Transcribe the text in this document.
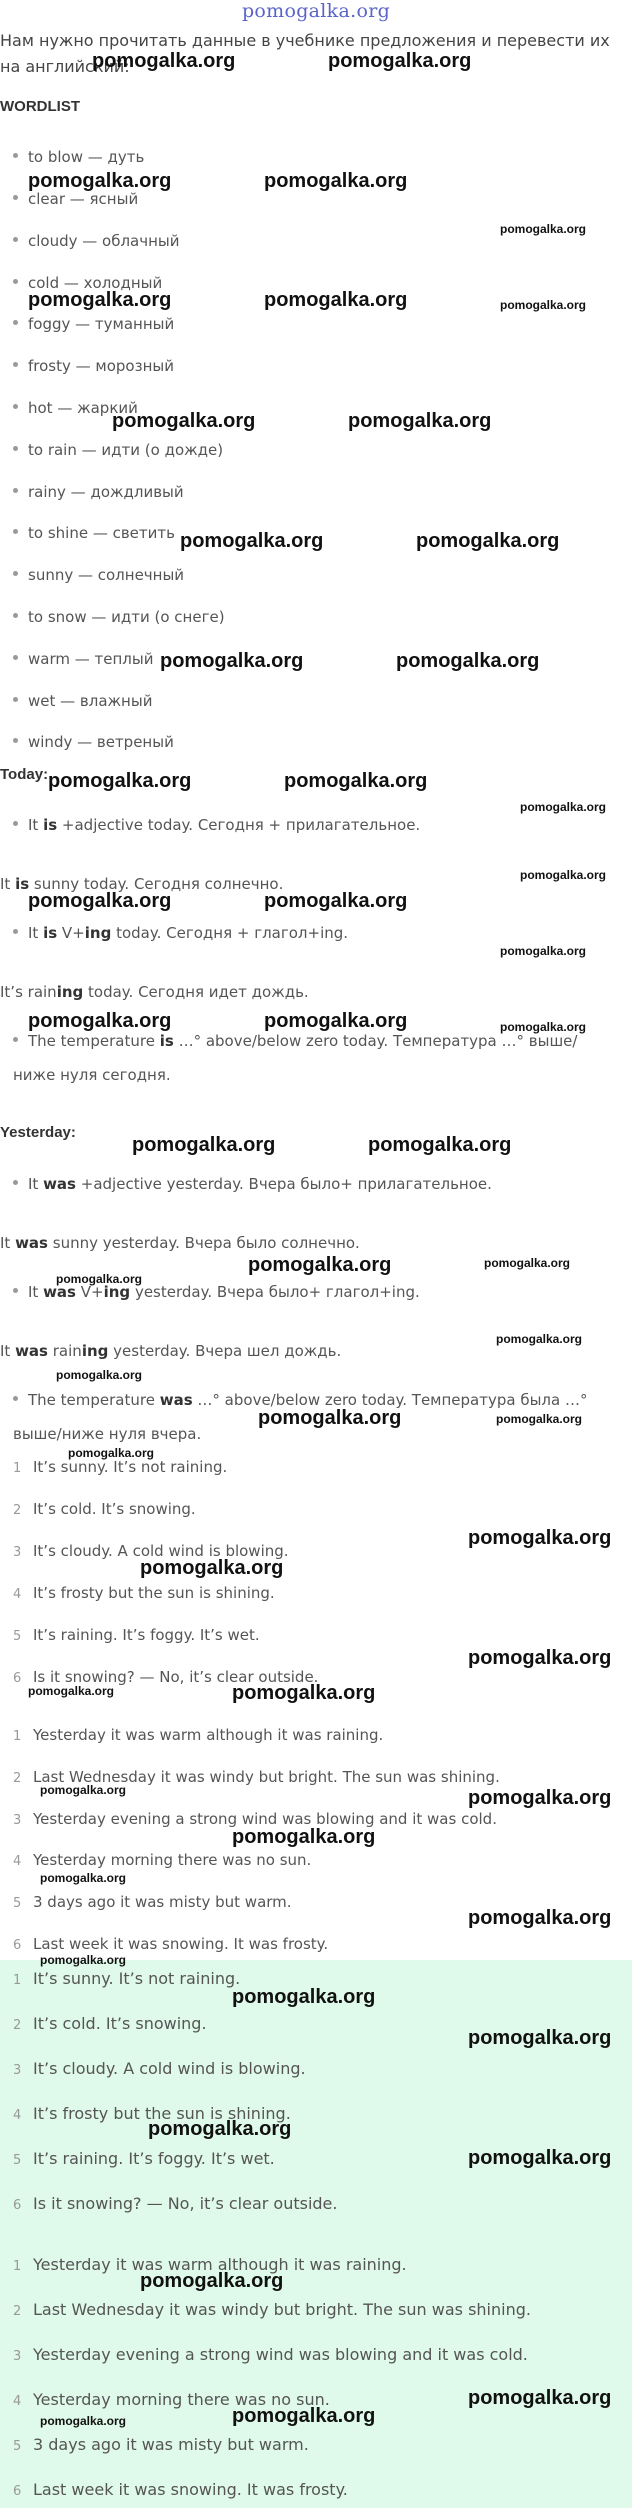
pomogalka.org
Нам нужно прочитать данные в учебнике предложения и перевести их на английский:
WORDLIST
to blow — дуть
clear — ясный
cloudy — облачный
cold — холодный
foggy — туманный
frosty — морозный
hot — жаркий
to rain — идти (о дожде)
rainy — дождливый
to shine — светить
sunny — солнечный
to snow — идти (о снеге)
warm — теплый
wet — влажный
windy — ветреный
Today:
It is +adjective today. Сегодня + прилагательное.
It is sunny today. Сегодня солнечно.
It is V+ing today. Сегодня + глагол+ing.
It’s raining today. Сегодня идет дождь.
The temperature is …° above/below zero today. Температура …° выше/ниже нуля сегодня.
Yesterday:
It was +adjective yesterday. Вчера было+ прилагательное.
It was sunny yesterday. Вчера было солнечно.
It was V+ing yesterday. Вчера было+ глагол+ing.
It was raining yesterday. Вчера шел дождь.
The temperature was …° above/below zero today. Температура была …° выше/ниже нуля вчера.
1 It’s sunny. It’s not raining.
2 It’s cold. It’s snowing.
3 It’s cloudy. A cold wind is blowing.
4 It’s frosty but the sun is shining.
5 It’s raining. It’s foggy. It’s wet.
6 Is it snowing? — No, it’s clear outside.
1 Yesterday it was warm although it was raining.
2 Last Wednesday it was windy but bright. The sun was shining.
3 Yesterday evening a strong wind was blowing and it was cold.
4 Yesterday morning there was no sun.
5 3 days ago it was misty but warm.
6 Last week it was snowing. It was frosty.
1 It’s sunny. It’s not raining.
2 It’s cold. It’s snowing.
3 It’s cloudy. A cold wind is blowing.
4 It’s frosty but the sun is shining.
5 It’s raining. It’s foggy. It’s wet.
6 Is it snowing? — No, it’s clear outside.
1 Yesterday it was warm although it was raining.
2 Last Wednesday it was windy but bright. The sun was shining.
3 Yesterday evening a strong wind was blowing and it was cold.
4 Yesterday morning there was no sun.
5 3 days ago it was misty but warm.
6 Last week it was snowing. It was frosty.
pomogalka.org	pomogalka.org
pomogalka.org	pomogalka.org
pomogalka.org
pomogalka.org	pomogalka.org	pomogalka.org
pomogalka.org	pomogalka.org
pomogalka.org	pomogalka.org
pomogalka.org	pomogalka.org
pomogalka.org	pomogalka.org
pomogalka.org
pomogalka.org
pomogalka.org	pomogalka.org
pomogalka.org
pomogalka.org	pomogalka.org	pomogalka.org
pomogalka.org	pomogalka.org
pomogalka.org	pomogalka.org
pomogalka.org
pomogalka.org
pomogalka.org
pomogalka.org	pomogalka.org
pomogalka.org
pomogalka.org
pomogalka.org
pomogalka.org
pomogalka.org	pomogalka.org
pomogalka.org	pomogalka.org
pomogalka.org
pomogalka.org
pomogalka.org
pomogalka.org
pomogalka.org
pomogalka.org
pomogalka.org
pomogalka.org
pomogalka.org
pomogalka.org
pomogalka.org	pomogalka.org
